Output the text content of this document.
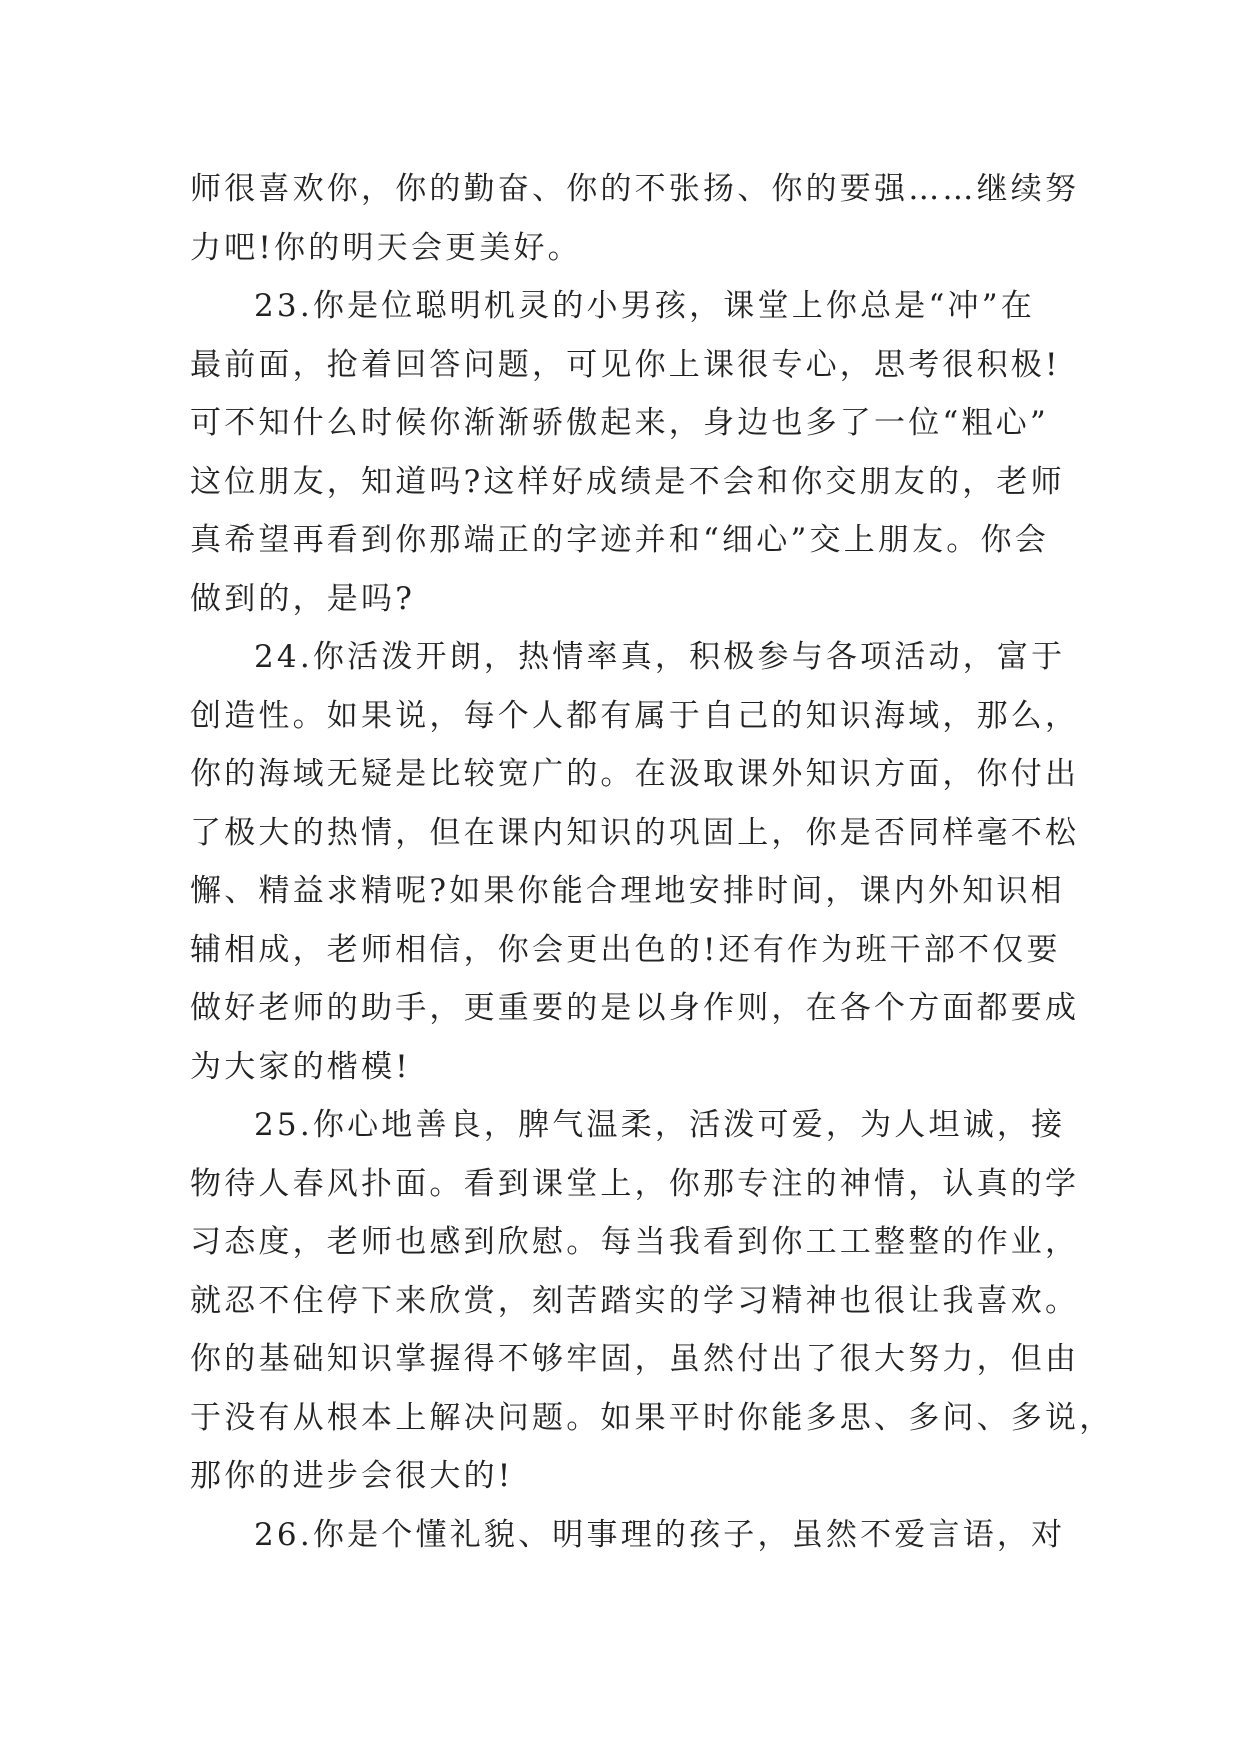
师很喜欢你，你的勤奋、你的不张扬、你的要强……继续努
力吧!你的明天会更美好。
23.你是位聪明机灵的小男孩，课堂上你总是“冲”在
最前面，抢着回答问题，可见你上课很专心，思考很积极!
可不知什么时候你渐渐骄傲起来，身边也多了一位“粗心”
这位朋友，知道吗?这样好成绩是不会和你交朋友的，老师
真希望再看到你那端正的字迹并和“细心”交上朋友。你会
做到的，是吗?
24.你活泼开朗，热情率真，积极参与各项活动，富于
创造性。如果说，每个人都有属于自己的知识海域，那么，
你的海域无疑是比较宽广的。在汲取课外知识方面，你付出
了极大的热情，但在课内知识的巩固上，你是否同样毫不松
懈、精益求精呢?如果你能合理地安排时间，课内外知识相
辅相成，老师相信，你会更出色的!还有作为班干部不仅要
做好老师的助手，更重要的是以身作则，在各个方面都要成
为大家的楷模!
25.你心地善良，脾气温柔，活泼可爱，为人坦诚，接
物待人春风扑面。看到课堂上，你那专注的神情，认真的学
习态度，老师也感到欣慰。每当我看到你工工整整的作业，
就忍不住停下来欣赏，刻苦踏实的学习精神也很让我喜欢。
你的基础知识掌握得不够牢固，虽然付出了很大努力，但由
于没有从根本上解决问题。如果平时你能多思、多问、多说，
那你的进步会很大的!
26.你是个懂礼貌、明事理的孩子，虽然不爱言语，对
